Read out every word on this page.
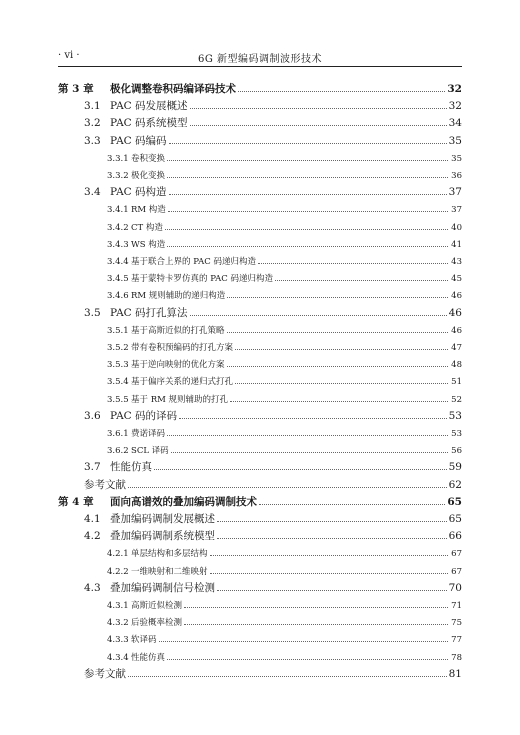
· vi ·	6G 新型编码调制波形技术
第 3 章	极化调整卷积码编译码技术	32
3.1 PAC 码发展概述	32
3.2 PAC 码系统模型	34
3.3 PAC 码编码	35
3.3.1 卷积变换	35
3.3.2 极化变换	36
3.4 PAC 码构造	37
3.4.1 RM 构造	37
3.4.2 CT 构造	40
3.4.3 WS 构造	41
3.4.4 基于联合上界的 PAC 码递归构造	43
3.4.5 基于蒙特卡罗仿真的 PAC 码递归构造	45
3.4.6 RM 规则辅助的递归构造	46
3.5 PAC 码打孔算法	46
3.5.1 基于高斯近似的打孔策略	46
3.5.2 带有卷积预编码的打孔方案	47
3.5.3 基于逆向映射的优化方案	48
3.5.4 基于偏序关系的递归式打孔	51
3.5.5 基于 RM 规则辅助的打孔	52
3.6 PAC 码的译码	53
3.6.1 费诺译码	53
3.6.2 SCL 译码	56
3.7 性能仿真	59
参考文献	62
第 4 章	面向高谱效的叠加编码调制技术	65
4.1 叠加编码调制发展概述	65
4.2 叠加编码调制系统模型	66
4.2.1 单层结构和多层结构	67
4.2.2 一维映射和二维映射	67
4.3 叠加编码调制信号检测	70
4.3.1 高斯近似检测	71
4.3.2 后验概率检测	75
4.3.3 软译码	77
4.3.4 性能仿真	78
参考文献	81
